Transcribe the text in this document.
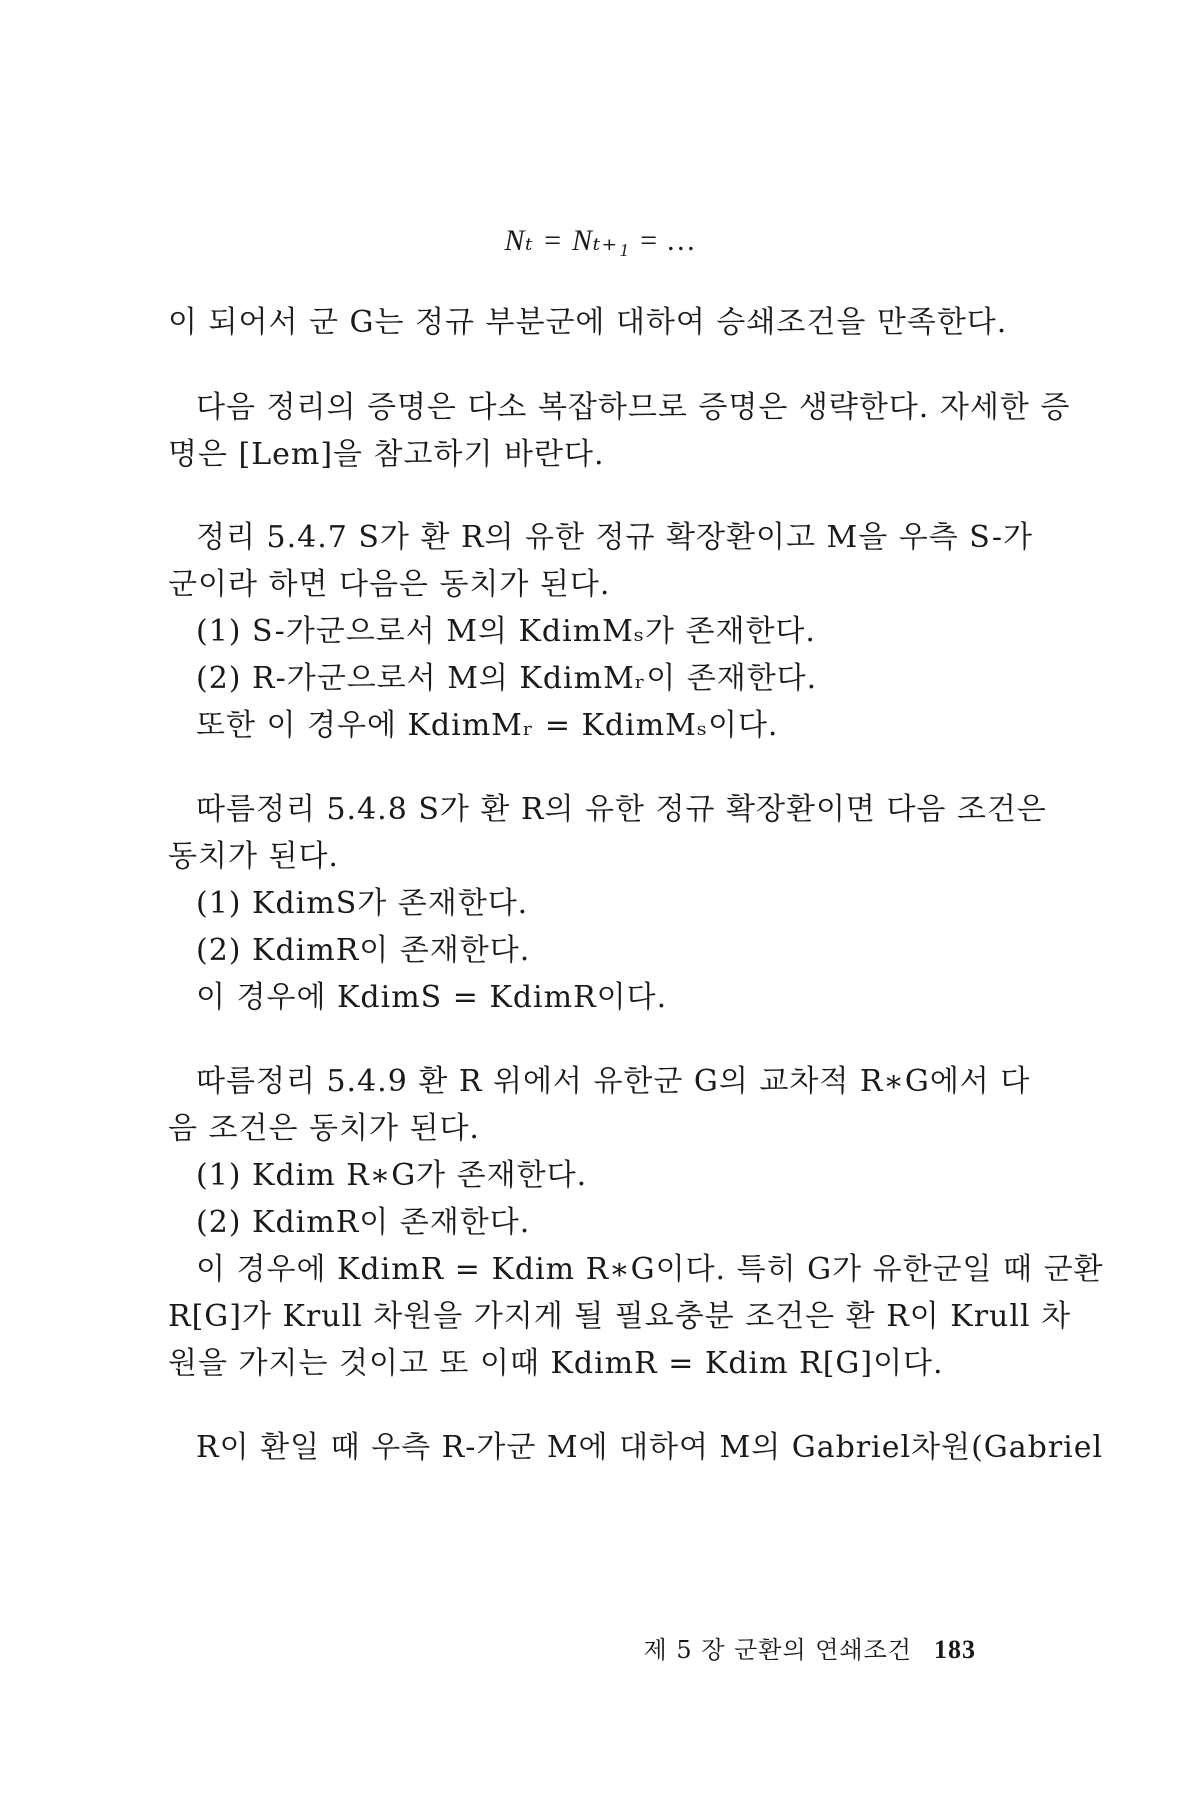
Nₜ = Nₜ₊₁ = …
이 되어서 군 G는 정규 부분군에 대하여 승쇄조건을 만족한다.
다음 정리의 증명은 다소 복잡하므로 증명은 생략한다. 자세한 증
명은 [Lem]을 참고하기 바란다.
정리 5.4.7 S가 환 R의 유한 정규 확장환이고 M을 우측 S-가
군이라 하면 다음은 동치가 된다.
(1) S-가군으로서 M의 KdimMₛ가 존재한다.
(2) R-가군으로서 M의 KdimMᵣ이 존재한다.
또한 이 경우에 KdimMᵣ = KdimMₛ이다.
따름정리 5.4.8 S가 환 R의 유한 정규 확장환이면 다음 조건은
동치가 된다.
(1) KdimS가 존재한다.
(2) KdimR이 존재한다.
이 경우에 KdimS = KdimR이다.
따름정리 5.4.9 환 R 위에서 유한군 G의 교차적 R∗G에서 다
음 조건은 동치가 된다.
(1) Kdim R∗G가 존재한다.
(2) KdimR이 존재한다.
이 경우에 KdimR = Kdim R∗G이다. 특히 G가 유한군일 때 군환
R[G]가 Krull 차원을 가지게 될 필요충분 조건은 환 R이 Krull 차
원을 가지는 것이고 또 이때 KdimR = Kdim R[G]이다.
R이 환일 때 우측 R-가군 M에 대하여 M의 Gabriel차원(Gabriel
제 5 장 군환의 연쇄조건 183
